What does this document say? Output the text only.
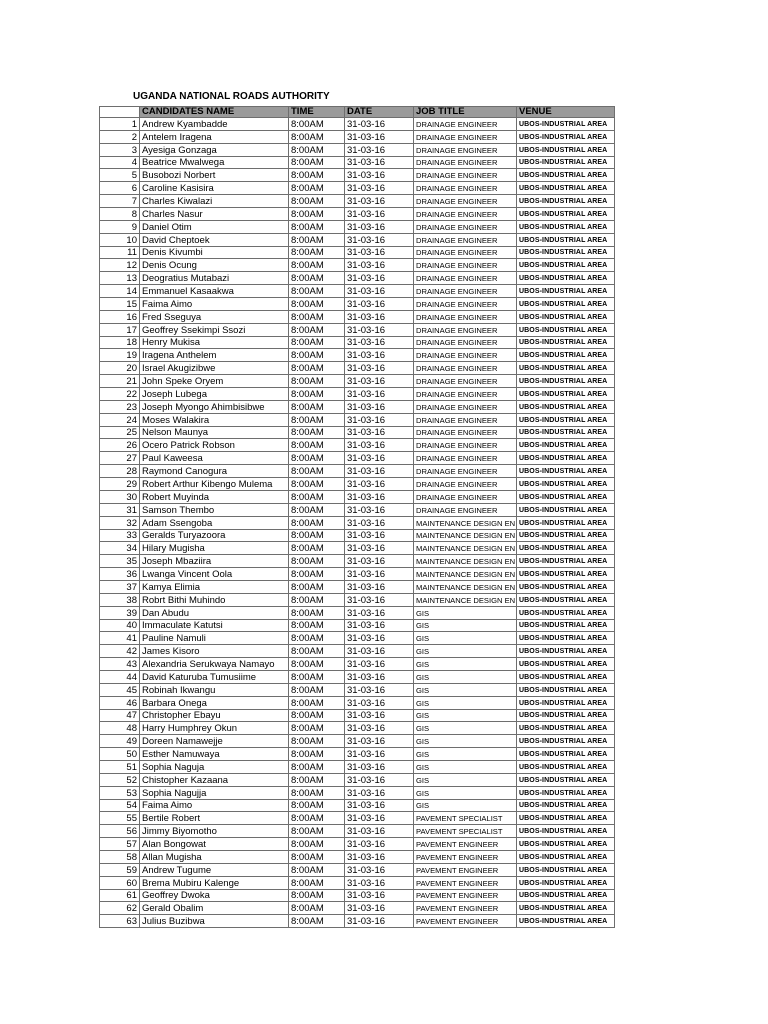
UGANDA NATIONAL ROADS AUTHORITY
	CANDIDATES NAME	TIME	DATE	JOB TITLE	VENUE
1	Andrew Kyambadde	8:00AM	31-03-16	DRAINAGE ENGINEER	UBOS-INDUSTRIAL AREA
2	Antelem Iragena	8:00AM	31-03-16	DRAINAGE ENGINEER	UBOS-INDUSTRIAL AREA
3	Ayesiga Gonzaga	8:00AM	31-03-16	DRAINAGE ENGINEER	UBOS-INDUSTRIAL AREA
4	Beatrice Mwalwega	8:00AM	31-03-16	DRAINAGE ENGINEER	UBOS-INDUSTRIAL AREA
5	Busobozi Norbert	8:00AM	31-03-16	DRAINAGE ENGINEER	UBOS-INDUSTRIAL AREA
6	Caroline Kasisira	8:00AM	31-03-16	DRAINAGE ENGINEER	UBOS-INDUSTRIAL AREA
7	Charles Kiwalazi	8:00AM	31-03-16	DRAINAGE ENGINEER	UBOS-INDUSTRIAL AREA
8	Charles Nasur	8:00AM	31-03-16	DRAINAGE ENGINEER	UBOS-INDUSTRIAL AREA
9	Daniel Otim	8:00AM	31-03-16	DRAINAGE ENGINEER	UBOS-INDUSTRIAL AREA
10	David Cheptoek	8:00AM	31-03-16	DRAINAGE ENGINEER	UBOS-INDUSTRIAL AREA
11	Denis Kivumbi	8:00AM	31-03-16	DRAINAGE ENGINEER	UBOS-INDUSTRIAL AREA
12	Denis Ocung	8:00AM	31-03-16	DRAINAGE ENGINEER	UBOS-INDUSTRIAL AREA
13	Deogratius Mutabazi	8:00AM	31-03-16	DRAINAGE ENGINEER	UBOS-INDUSTRIAL AREA
14	Emmanuel Kasaakwa	8:00AM	31-03-16	DRAINAGE ENGINEER	UBOS-INDUSTRIAL AREA
15	Faima Aimo	8:00AM	31-03-16	DRAINAGE ENGINEER	UBOS-INDUSTRIAL AREA
16	Fred Sseguya	8:00AM	31-03-16	DRAINAGE ENGINEER	UBOS-INDUSTRIAL AREA
17	Geoffrey Ssekimpi Ssozi	8:00AM	31-03-16	DRAINAGE ENGINEER	UBOS-INDUSTRIAL AREA
18	Henry Mukisa	8:00AM	31-03-16	DRAINAGE ENGINEER	UBOS-INDUSTRIAL AREA
19	Iragena Anthelem	8:00AM	31-03-16	DRAINAGE ENGINEER	UBOS-INDUSTRIAL AREA
20	Israel Akugizibwe	8:00AM	31-03-16	DRAINAGE ENGINEER	UBOS-INDUSTRIAL AREA
21	John Speke Oryem	8:00AM	31-03-16	DRAINAGE ENGINEER	UBOS-INDUSTRIAL AREA
22	Joseph Lubega	8:00AM	31-03-16	DRAINAGE ENGINEER	UBOS-INDUSTRIAL AREA
23	Joseph Myongo Ahimbisibwe	8:00AM	31-03-16	DRAINAGE ENGINEER	UBOS-INDUSTRIAL AREA
24	Moses Walakira	8:00AM	31-03-16	DRAINAGE ENGINEER	UBOS-INDUSTRIAL AREA
25	Nelson Maunya	8:00AM	31-03-16	DRAINAGE ENGINEER	UBOS-INDUSTRIAL AREA
26	Ocero Patrick Robson	8:00AM	31-03-16	DRAINAGE ENGINEER	UBOS-INDUSTRIAL AREA
27	Paul Kaweesa	8:00AM	31-03-16	DRAINAGE ENGINEER	UBOS-INDUSTRIAL AREA
28	Raymond Canogura	8:00AM	31-03-16	DRAINAGE ENGINEER	UBOS-INDUSTRIAL AREA
29	Robert Arthur Kibengo Mulema	8:00AM	31-03-16	DRAINAGE ENGINEER	UBOS-INDUSTRIAL AREA
30	Robert Muyinda	8:00AM	31-03-16	DRAINAGE ENGINEER	UBOS-INDUSTRIAL AREA
31	Samson Thembo	8:00AM	31-03-16	DRAINAGE ENGINEER	UBOS-INDUSTRIAL AREA
32	Adam Ssengoba	8:00AM	31-03-16	MAINTENANCE DESIGN EN	UBOS-INDUSTRIAL AREA
33	Geralds Turyazoora	8:00AM	31-03-16	MAINTENANCE DESIGN EN	UBOS-INDUSTRIAL AREA
34	Hilary Mugisha	8:00AM	31-03-16	MAINTENANCE DESIGN EN	UBOS-INDUSTRIAL AREA
35	Joseph Mbaziira	8:00AM	31-03-16	MAINTENANCE DESIGN EN	UBOS-INDUSTRIAL AREA
36	Lwanga Vincent Oola	8:00AM	31-03-16	MAINTENANCE DESIGN EN	UBOS-INDUSTRIAL AREA
37	Kamya Elimia	8:00AM	31-03-16	MAINTENANCE DESIGN EN	UBOS-INDUSTRIAL AREA
38	Robrt Bithi Muhindo	8:00AM	31-03-16	MAINTENANCE DESIGN EN	UBOS-INDUSTRIAL AREA
39	Dan Abudu	8:00AM	31-03-16	GIS	UBOS-INDUSTRIAL AREA
40	Immaculate Katutsi	8:00AM	31-03-16	GIS	UBOS-INDUSTRIAL AREA
41	Pauline Namuli	8:00AM	31-03-16	GIS	UBOS-INDUSTRIAL AREA
42	James Kisoro	8:00AM	31-03-16	GIS	UBOS-INDUSTRIAL AREA
43	Alexandria Serukwaya Namayo	8:00AM	31-03-16	GIS	UBOS-INDUSTRIAL AREA
44	David Katuruba Tumusiime	8:00AM	31-03-16	GIS	UBOS-INDUSTRIAL AREA
45	Robinah Ikwangu	8:00AM	31-03-16	GIS	UBOS-INDUSTRIAL AREA
46	Barbara Onega	8:00AM	31-03-16	GIS	UBOS-INDUSTRIAL AREA
47	Christopher Ebayu	8:00AM	31-03-16	GIS	UBOS-INDUSTRIAL AREA
48	Harry Humphrey Okun	8:00AM	31-03-16	GIS	UBOS-INDUSTRIAL AREA
49	Doreen Namawejje	8:00AM	31-03-16	GIS	UBOS-INDUSTRIAL AREA
50	Esther Namuwaya	8:00AM	31-03-16	GIS	UBOS-INDUSTRIAL AREA
51	Sophia Naguja	8:00AM	31-03-16	GIS	UBOS-INDUSTRIAL AREA
52	Chistopher Kazaana	8:00AM	31-03-16	GIS	UBOS-INDUSTRIAL AREA
53	Sophia Nagujja	8:00AM	31-03-16	GIS	UBOS-INDUSTRIAL AREA
54	Faima Aimo	8:00AM	31-03-16	GIS	UBOS-INDUSTRIAL AREA
55	Bertile Robert	8:00AM	31-03-16	PAVEMENT SPECIALIST	UBOS-INDUSTRIAL AREA
56	Jimmy Biyomotho	8:00AM	31-03-16	PAVEMENT SPECIALIST	UBOS-INDUSTRIAL AREA
57	Alan Bongowat	8:00AM	31-03-16	PAVEMENT ENGINEER	UBOS-INDUSTRIAL AREA
58	Allan Mugisha	8:00AM	31-03-16	PAVEMENT ENGINEER	UBOS-INDUSTRIAL AREA
59	Andrew Tugume	8:00AM	31-03-16	PAVEMENT ENGINEER	UBOS-INDUSTRIAL AREA
60	Brema Mubiru Kalenge	8:00AM	31-03-16	PAVEMENT ENGINEER	UBOS-INDUSTRIAL AREA
61	Geoffrey Dwoka	8:00AM	31-03-16	PAVEMENT ENGINEER	UBOS-INDUSTRIAL AREA
62	Gerald Obalim	8:00AM	31-03-16	PAVEMENT ENGINEER	UBOS-INDUSTRIAL AREA
63	Julius Buzibwa	8:00AM	31-03-16	PAVEMENT ENGINEER	UBOS-INDUSTRIAL AREA
